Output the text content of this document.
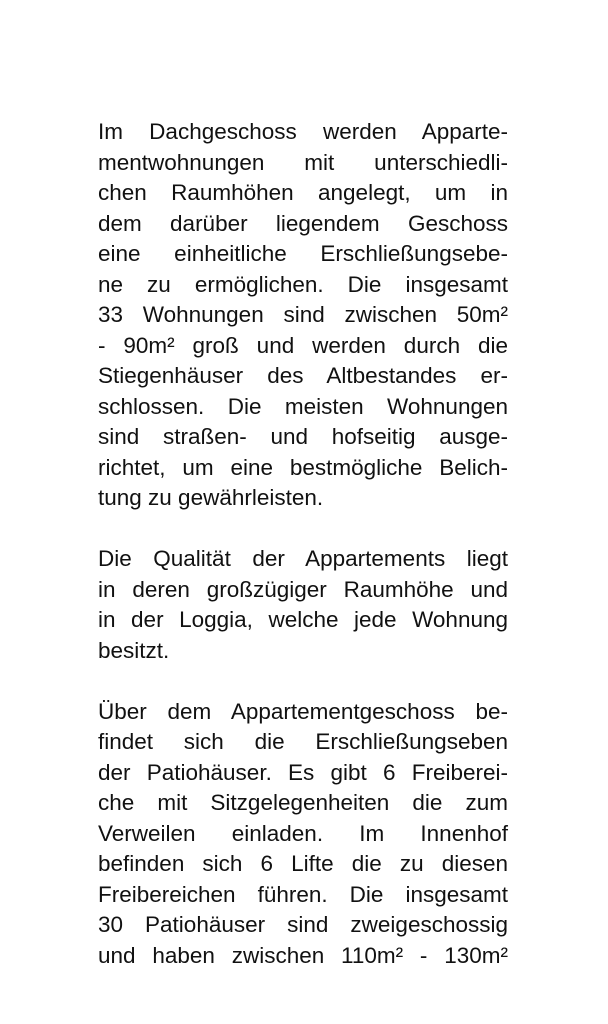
Im Dachgeschoss werden Apparte-
mentwohnungen mit unterschiedli-
chen Raumhöhen angelegt, um in
dem darüber liegendem Geschoss
eine einheitliche Erschließungsebe-
ne zu ermöglichen. Die insgesamt
33 Wohnungen sind zwischen 50m²
- 90m² groß und werden durch die
Stiegenhäuser des Altbestandes er-
schlossen. Die meisten Wohnungen
sind straßen- und hofseitig ausge-
richtet, um eine bestmögliche Belich-
tung zu gewährleisten.
Die Qualität der Appartements liegt
in deren großzügiger Raumhöhe und
in der Loggia, welche jede Wohnung
besitzt.
Über dem Appartementgeschoss be-
findet sich die Erschließungseben
der Patiohäuser. Es gibt 6 Freiberei-
che mit Sitzgelegenheiten die zum
Verweilen einladen. Im Innenhof
befinden sich 6 Lifte die zu diesen
Freibereichen führen. Die insgesamt
30 Patiohäuser sind zweigeschossig
und haben zwischen 110m² - 130m²
